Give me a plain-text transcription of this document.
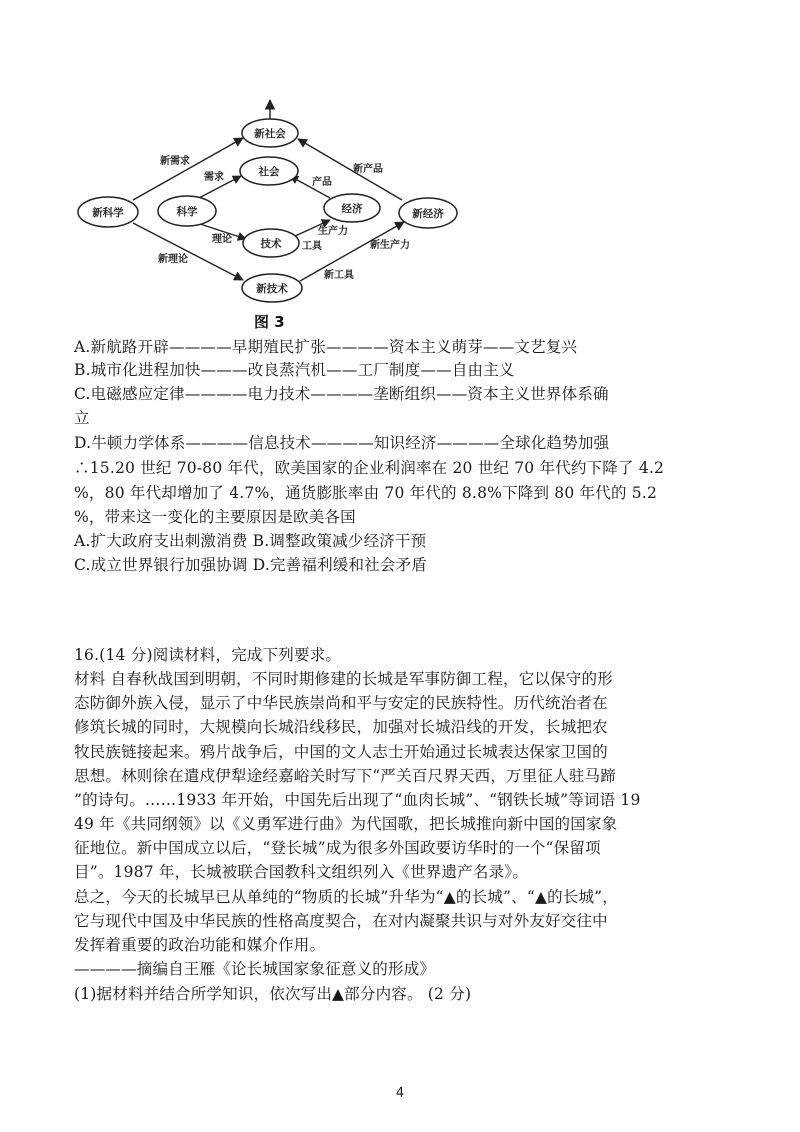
新社会
社会
新科学	科学	经济	新经济
技术
新技术
新需求
需求	产品
新产品
理论
生产力
工具
新理论
新生产力
新工具
图 3
A.新航路开辟————早期殖民扩张————资本主义萌芽——文艺复兴
B.城市化进程加快———改良蒸汽机——工厂制度——自由主义
C.电磁感应定律————电力技术————垄断组织——资本主义世界体系确
立
D.牛顿力学体系————信息技术————知识经济————全球化趋势加强
∴15.20 世纪 70-80 年代，欧美国家的企业利润率在 20 世纪 70 年代约下降了 4.2
%，80 年代却增加了 4.7%，通货膨胀率由 70 年代的 8.8%下降到 80 年代的 5.2
%，带来这一变化的主要原因是欧美各国
A.扩大政府支出刺激消费 B.调整政策减少经济干预
C.成立世界银行加强协调 D.完善福利缓和社会矛盾
16.(14 分)阅读材料，完成下列要求。
材料 自春秋战国到明朝，不同时期修建的长城是军事防御工程，它以保守的形
态防御外族入侵，显示了中华民族崇尚和平与安定的民族特性。历代统治者在
修筑长城的同时，大规模向长城沿线移民，加强对长城沿线的开发，长城把农
牧民族链接起来。鸦片战争后，中国的文人志士开始通过长城表达保家卫国的
思想。林则徐在遣戍伊犁途经嘉峪关时写下“严关百尺界天西，万里征人驻马蹄
”的诗句。……1933 年开始，中国先后出现了“血肉长城”、“钢铁长城”等词语 19
49 年《共同纲领》以《义勇军进行曲》为代国歌，把长城推向新中国的国家象
征地位。新中国成立以后，“登长城”成为很多外国政要访华时的一个“保留项
目”。1987 年，长城被联合国教科文组织列入《世界遗产名录》。
总之，今天的长城早已从单纯的“物质的长城”升华为“▲的长城”、“▲的长城”，
它与现代中国及中华民族的性格高度契合，在对内凝聚共识与对外友好交往中
发挥着重要的政治功能和媒介作用。
————摘编自王雁《论长城国家象征意义的形成》
(1)据材料并结合所学知识，依次写出▲部分内容。 (2 分)
4
